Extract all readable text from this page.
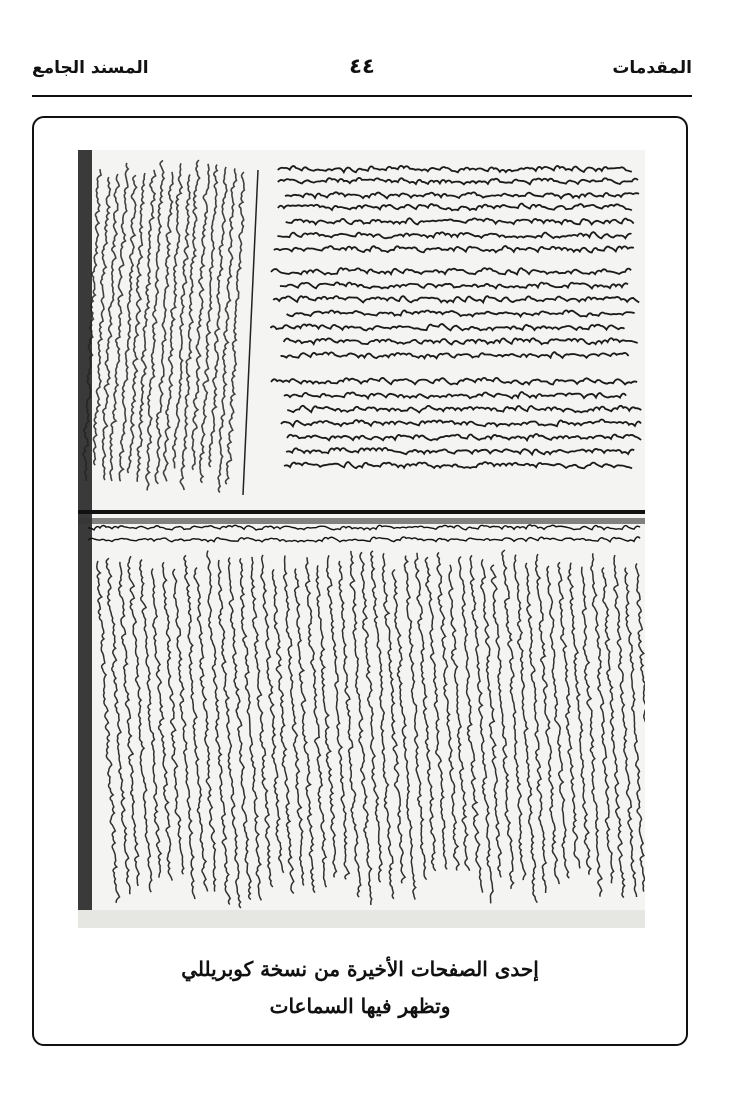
المقدمات
٤٤
المسند الجامع
إحدى الصفحات الأخيرة من نسخة كوبريللي
وتظهر فيها السماعات
